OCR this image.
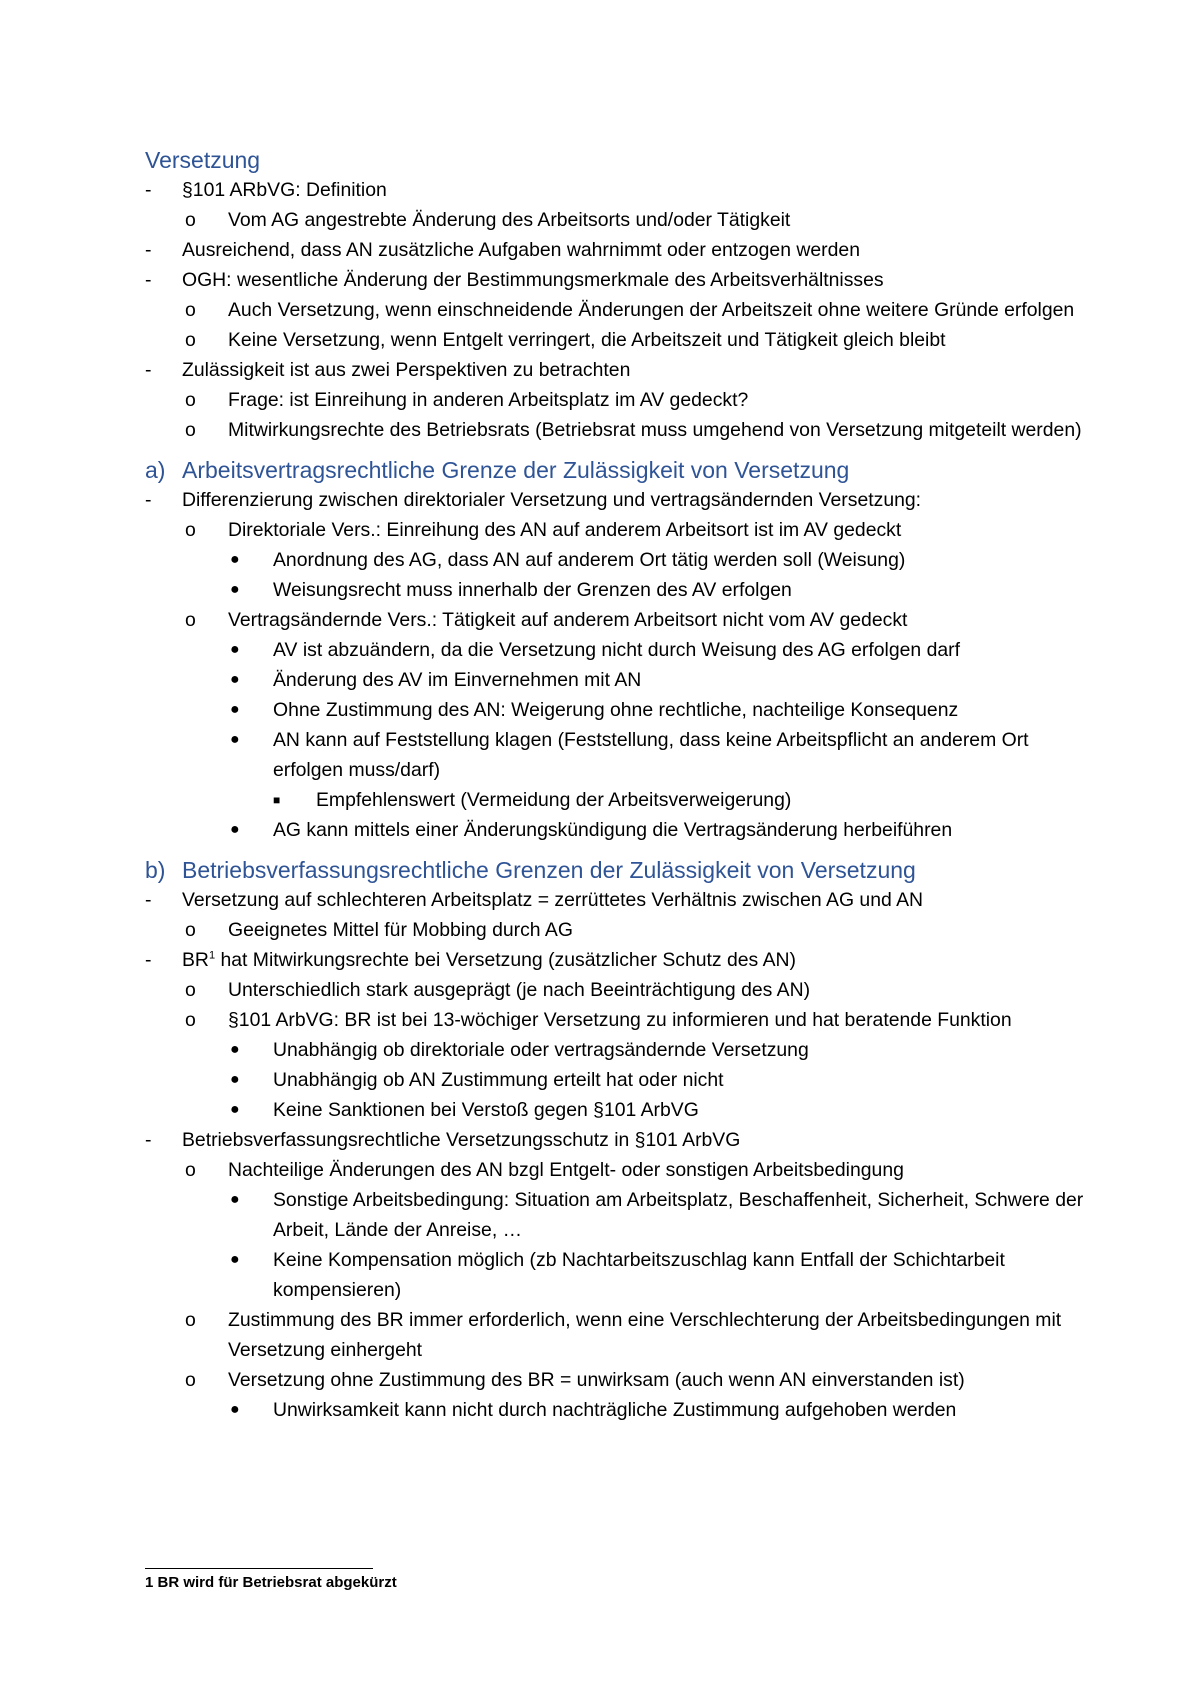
Versetzung
-	§101 ARbVG: Definition
o	Vom AG angestrebte Änderung des Arbeitsorts und/oder Tätigkeit
-	Ausreichend, dass AN zusätzliche Aufgaben wahrnimmt oder entzogen werden
-	OGH: wesentliche Änderung der Bestimmungsmerkmale des Arbeitsverhältnisses
o	Auch Versetzung, wenn einschneidende Änderungen der Arbeitszeit ohne weitere Gründe erfolgen
o	Keine Versetzung, wenn Entgelt verringert, die Arbeitszeit und Tätigkeit gleich bleibt
-	Zulässigkeit ist aus zwei Perspektiven zu betrachten
o	Frage: ist Einreihung in anderen Arbeitsplatz im AV gedeckt?
o	Mitwirkungsrechte des Betriebsrats (Betriebsrat muss umgehend von Versetzung mitgeteilt werden)
a) Arbeitsvertragsrechtliche Grenze der Zulässigkeit von Versetzung
-	Differenzierung zwischen direktorialer Versetzung und vertragsändernden Versetzung:
o	Direktoriale Vers.: Einreihung des AN auf anderem Arbeitsort ist im AV gedeckt
●	Anordnung des AG, dass AN auf anderem Ort tätig werden soll (Weisung)
●	Weisungsrecht muss innerhalb der Grenzen des AV erfolgen
o	Vertragsändernde Vers.: Tätigkeit auf anderem Arbeitsort nicht vom AV gedeckt
●	AV ist abzuändern, da die Versetzung nicht durch Weisung des AG erfolgen darf
●	Änderung des AV im Einvernehmen mit AN
●	Ohne Zustimmung des AN: Weigerung ohne rechtliche, nachteilige Konsequenz
●	AN kann auf Feststellung klagen (Feststellung, dass keine Arbeitspflicht an anderem Ort erfolgen muss/darf)
■	Empfehlenswert (Vermeidung der Arbeitsverweigerung)
●	AG kann mittels einer Änderungskündigung die Vertragsänderung herbeiführen
b) Betriebsverfassungsrechtliche Grenzen der Zulässigkeit von Versetzung
-	Versetzung auf schlechteren Arbeitsplatz = zerrüttetes Verhältnis zwischen AG und AN
o	Geeignetes Mittel für Mobbing durch AG
-	$BR^1$ hat Mitwirkungsrechte bei Versetzung (zusätzlicher Schutz des AN)
o	Unterschiedlich stark ausgeprägt (je nach Beeinträchtigung des AN)
o	§101 ArbVG: BR ist bei 13-wöchiger Versetzung zu informieren und hat beratende Funktion
●	Unabhängig ob direktoriale oder vertragsändernde Versetzung
●	Unabhängig ob AN Zustimmung erteilt hat oder nicht
●	Keine Sanktionen bei Verstoß gegen §101 ArbVG
-	Betriebsverfassungsrechtliche Versetzungsschutz in §101 ArbVG
o	Nachteilige Änderungen des AN bzgl Entgelt- oder sonstigen Arbeitsbedingung
●	Sonstige Arbeitsbedingung: Situation am Arbeitsplatz, Beschaffenheit, Sicherheit, Schwere der Arbeit, Lände der Anreise, …
●	Keine Kompensation möglich (zb Nachtarbeitszuschlag kann Entfall der Schichtarbeit kompensieren)
o	Zustimmung des BR immer erforderlich, wenn eine Verschlechterung der Arbeitsbedingungen mit Versetzung einhergeht
o	Versetzung ohne Zustimmung des BR = unwirksam (auch wenn AN einverstanden ist)
●	Unwirksamkeit kann nicht durch nachträgliche Zustimmung aufgehoben werden
1 BR wird für Betriebsrat abgekürzt
